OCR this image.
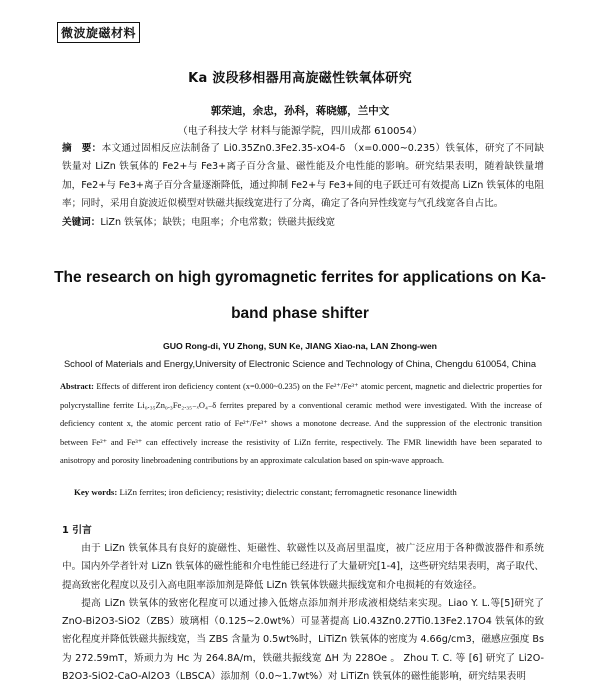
微波旋磁材料
Ka 波段移相器用高旋磁性铁氧体研究
郭荣迪，余忠，孙科，蒋晓娜，兰中文
（电子科技大学 材料与能源学院，四川成都 610054）
摘　要：本文通过固相反应法制备了 Li0.35Zn0.3Fe2.35-xO4-δ （x=0.000~0.235）铁氧体，研究了不同缺铁量对 LiZn 铁氧体的 Fe2+与 Fe3+离子百分含量、磁性能及介电性能的影响。研究结果表明，随着缺铁量增加，Fe2+与 Fe3+离子百分含量逐渐降低，通过抑制 Fe2+与 Fe3+间的电子跃迁可有效提高 LiZn 铁氧体的电阻率；同时，采用自旋波近似模型对铁磁共振线宽进行了分离，确定了各向异性线宽与气孔线宽各自占比。
关键词：LiZn 铁氧体；缺铁；电阻率；介电常数；铁磁共振线宽
The research on high gyromagnetic ferrites for applications on Ka-band phase shifter
GUO Rong-di, YU Zhong, SUN Ke, JIANG Xiao-na, LAN Zhong-wen
School of Materials and Energy,University of Electronic Science and Technology of China, Chengdu 610054, China
Abstract: Effects of different iron deficiency content (x=0.000~0.235) on the Fe²⁺/Fe³⁺ atomic percent, magnetic and dielectric properties for polycrystalline ferrite Li₀.₃₅Zn₀.₃Fe₂.₃₅₋ₓO₄₋δ ferrites prepared by a conventional ceramic method were investigated. With the increase of deficiency content x, the atomic percent ratio of Fe²⁺/Fe³⁺ shows a monotone decrease. And the suppression of the electronic transition between Fe²⁺ and Fe³⁺ can effectively increase the resistivity of LiZn ferrite, respectively. The FMR linewidth have been separated to anisotropy and porosity linebroadening contributions by an approximate calculation based on spin-wave approach.
Key words: LiZn ferrites; iron deficiency; resistivity; dielectric constant; ferromagnetic resonance linewidth
1 引言

由于 LiZn 铁氧体具有良好的旋磁性、矩磁性、软磁性以及高居里温度，被广泛应用于各种微波器件和系统中。国内外学者针对 LiZn 铁氧体的磁性能和介电性能已经进行了大量研究[1-4]，这些研究结果表明，离子取代、提高致密化程度以及引入高电阻率添加剂是降低 LiZn 铁氧体铁磁共振线宽和介电损耗的有效途径。

提高 LiZn 铁氧体的致密化程度可以通过掺入低熔点添加剂并形成液相烧结来实现。Liao Y. L.等[5]研究了 ZnO-Bi2O3-SiO2（ZBS）玻璃相（0.125~2.0wt%）可显著提高 Li0.43Zn0.27Ti0.13Fe2.17O4 铁氧体的致密化程度并降低铁磁共振线宽，当 ZBS 含量为 0.5wt%时，LiTiZn 铁氧体的密度为 4.66g/cm3，磁感应强度 Bs 为 272.59mT，矫顽力为 Hc 为 264.8A/m，铁磁共振线宽 ΔH 为 228Oe 。 Zhou T. C. 等 [6] 研究了 Li2O-B2O3-SiO2-CaO-Al2O3（LBSCA）添加剂（0.0~1.7wt%）对 LiTiZn 铁氧体的磁性能影响，研究结果表明
